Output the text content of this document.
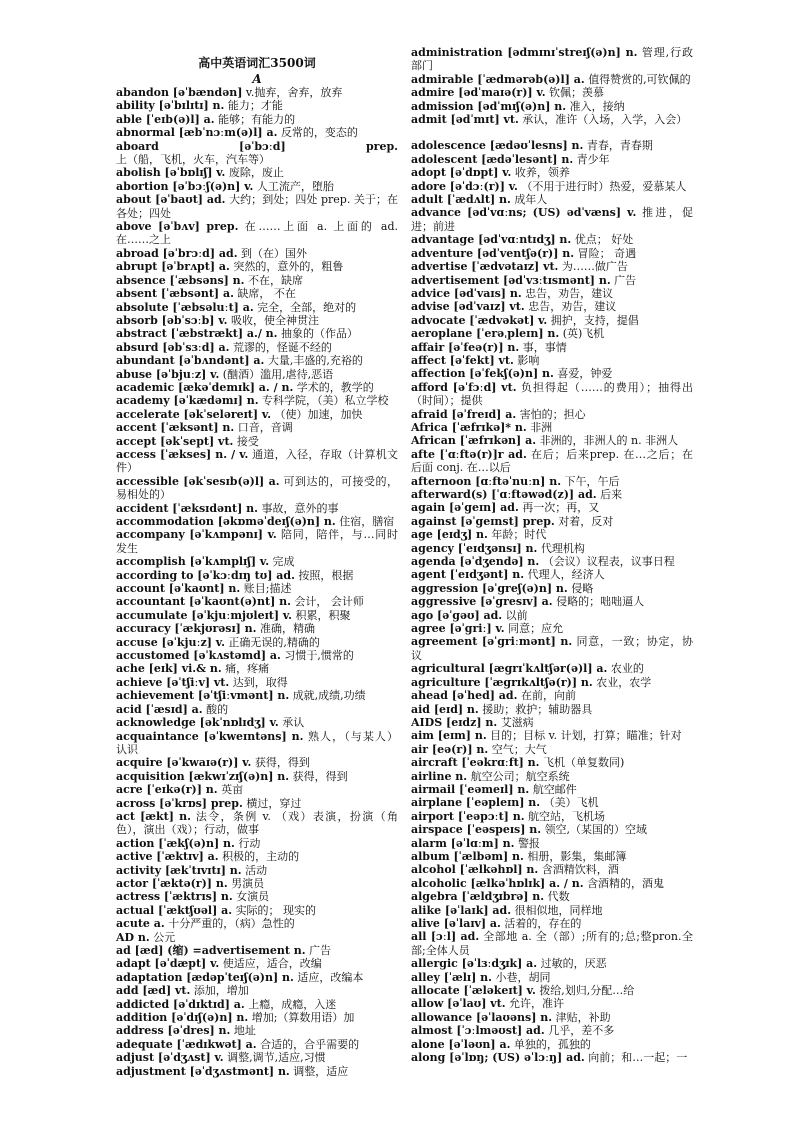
高中英语词汇3500词
A
abandon [əˈbændən] v.抛弃，舍弃，放弃
ability [əˈbɪlɪtɪ] n. 能力；才能
able [ˈeɪb(ə)l] a. 能够；有能力的
abnormal [æbˈnɔːm(ə)l] a. 反常的，变态的
aboard [əˈbɔːd] prep. 上（船，飞机，火车，汽车等）
abolish [əˈbɒlɪʃ] v. 废除，废止
abortion [əˈbɔːʃ(ə)n] v. 人工流产，堕胎
about [əˈbaʊt] ad. 大约；到处；四处 prep. 关于；在各处；四处
above [əˈbʌv] prep. 在……上面 a. 上面的 ad. 在……之上
abroad [əˈbrɔːd] ad. 到（在）国外
abrupt [əˈbrʌpt] a. 突然的，意外的，粗鲁
absence [ˈæbsəns] n. 不在，缺席
absent [ˈæbsənt] a. 缺席， 不在
absolute [ˈæbsəluːt] a. 完全，全部，绝对的
absorb [əbˈsɔːb] v. 吸收，使全神贯注
abstract [ˈæbstrækt] a./ n. 抽象的（作品）
absurd [əbˈsɜːd] a. 荒谬的，怪诞不经的
abundant [əˈbʌndənt] a. 大量,丰盛的,充裕的
abuse [əˈbjuːz] v. (酗酒）滥用,虐待,恶语
academic [ækəˈdemɪk] a. / n. 学术的，教学的
academy [əˈkædəmɪ] n. 专科学院，（美）私立学校
accelerate [əkˈseləreɪt] v. （使）加速，加快
accent [ˈæksənt] n. 口音，音调
accept [əkˈsept] vt. 接受
access [ˈækses] n. / v. 通道，入径，存取（计算机文件）
accessible [əkˈsesɪb(ə)l] a. 可到达的，可接受的，易相处的）
accident [ˈæksɪdənt] n. 事故，意外的事
accommodation [əkɒməˈdeɪʃ(ə)n] n. 住宿，膳宿
accompany [əˈkʌmpənɪ] v. 陪同，陪伴，与…同时发生
accomplish [əˈkʌmplɪʃ] v. 完成
according to [əˈkɔːdɪŋ tʊ] ad. 按照，根据
account [əˈkaʊnt] n. 账目;描述
accountant [əˈkaʊnt(ə)nt] n. 会计， 会计师
accumulate [əˈkjuːmjʊleɪt] v. 积累，积聚
accuracy [ˈækjʊrəsɪ] n. 准确，精确
accuse [əˈkjuːz] v. 正确无误的,精确的
accustomed [əˈkʌstəmd] a. 习惯于,惯常的
ache [eɪk] vi.& n. 痛，疼痛
achieve [əˈtʃiːv] vt. 达到，取得
achievement [əˈtʃiːvmənt] n. 成就,成绩,功绩
acid [ˈæsɪd] a. 酸的
acknowledge [əkˈnɒlɪdʒ] v. 承认
acquaintance [əˈkweɪntəns] n. 熟人，（与某人）认识
acquire [əˈkwaɪə(r)] v. 获得，得到
acquisition [ækwɪˈzɪʃ(ə)n] n. 获得，得到
acre [ˈeɪkə(r)] n. 英亩
across [əˈkrɒs] prep. 横过，穿过
act [ækt] n. 法令，条例 v. （戏）表演，扮演（角色），演出（戏）；行动，做事
action [ˈækʃ(ə)n] n. 行动
active [ˈæktɪv] a. 积极的，主动的
activity [ækˈtɪvɪtɪ] n. 活动
actor [ˈæktə(r)] n. 男演员
actress [ˈæktrɪs] n. 女演员
actual [ˈæktʃʊəl] a. 实际的； 现实的
acute a. 十分严重的，（病）急性的
AD n. 公元
ad [æd] (缩) =advertisement n. 广告
adapt [əˈdæpt] v. 使适应，适合，改编
adaptation [ædəpˈteɪʃ(ə)n] n. 适应，改编本
add [æd] vt. 添加，增加
addicted [əˈdɪktɪd] a. 上瘾，成瘾，入迷
addition [əˈdɪʃ(ə)n] n. 增加;（算数用语）加
address [əˈdres] n. 地址
adequate [ˈædɪkwət] a. 合适的，合乎需要的
adjust [əˈdʒʌst] v. 调整,调节,适应,习惯
adjustment [əˈdʒʌstmənt] n. 调整，适应
administration [ədmɪnɪˈstreɪʃ(ə)n] n. 管理,行政部门
admirable [ˈædmərəb(ə)l] a. 值得赞赏的,可钦佩的
admire [ədˈmaɪə(r)] v. 钦佩；羡慕
admission [ədˈmɪʃ(ə)n] n. 准入，接纳
admit [ədˈmɪt] vt. 承认，准许（入场，入学，入会）
adolescence [ædəʊˈlesns] n. 青春，青春期
adolescent [ædəˈlesənt] n. 青少年
adopt [əˈdɒpt] v. 收养，领养
adore [əˈdɔː(r)] v. （不用于进行时）热爱，爱慕某人
adult [ˈædʌlt] n. 成年人
advance [ədˈvɑːns; (US) ədˈvæns] v. 推进，促进；前进
advantage [ədˈvɑːntɪdʒ] n. 优点； 好处
adventure [ədˈventʃə(r)] n. 冒险； 奇遇
advertise [ˈædvətaɪz] vt. 为……做广告
advertisement [ədˈvɜːtɪsmənt] n. 广告
advice [ədˈvaɪs] n. 忠告，劝告，建议
advise [ədˈvaɪz] vt. 忠告，劝告，建议
advocate [ˈædvəkət] v. 拥护，支持，提倡
aeroplane [ˈerəˌpleɪn] n. (英)飞机
affair [əˈfeə(r)] n. 事，事情
affect [əˈfekt] vt. 影响
affection [əˈfekʃ(ə)n] n. 喜爱，钟爱
afford [əˈfɔːd] vt. 负担得起（……的费用）；抽得出（时间）；提供
afraid [əˈfreɪd] a. 害怕的；担心
Africa [ˈæfrɪkə]* n. 非洲
African [ˈæfrɪkən] a. 非洲的，非洲人的 n. 非洲人
afte [ˈɑːftə(r)]r ad. 在后；后来prep. 在…之后；在 后面 conj. 在…以后
afternoon [ɑːftəˈnuːn] n. 下午，午后
afterward(s) [ˈɑːftəwəd(z)] ad. 后来
again [əˈgeɪn] ad. 再一次；再，又
against [əˈgeɪnst] prep. 对着，反对
age [eɪdʒ] n. 年龄；时代
agency [ˈeɪdʒənsɪ] n. 代理机构
agenda [əˈdʒendə] n. （会议）议程表，议事日程
agent [ˈeɪdʒənt] n. 代理人，经济人
aggression [əˈgreʃ(ə)n] n. 侵略
aggressive [əˈgresɪv] a. 侵略的；咄咄逼人
ago [əˈgəʊ] ad. 以前
agree [əˈgriː] v. 同意；应允
agreement [əˈgriːmənt] n. 同意，一致；协定，协议
agricultural [ægrɪˈkʌltʃər(ə)l] a. 农业的
agriculture [ˈægrɪkʌltʃə(r)] n. 农业，农学
ahead [əˈhed] ad. 在前，向前
aid [eɪd] n. 援助；救护；辅助器具
AIDS [eɪdz] n. 艾滋病
aim [eɪm] n. 目的；目标 v. 计划，打算；瞄准；针对
air [eə(r)] n. 空气；大气
aircraft [ˈeəkrɑːft] n. 飞机（单复数同)
airline n. 航空公司；航空系统
airmail [ˈeəmeɪl] n. 航空邮件
airplane [ˈeəpleɪn] n. （美）飞机
airport [ˈeəpɔːt] n. 航空站，飞机场
airspace [ˈeəspeɪs] n. 领空,（某国的）空域
alarm [əˈlɑːm] n. 警报
album [ˈælbəm] n. 相册，影集，集邮簿
alcohol [ˈælkəhɒl] n. 含酒精饮料，酒
alcoholic [ælkəˈhɒlɪk] a. / n. 含酒精的，酒鬼
algebra [ˈældʒɪbrə] n. 代数
alike [əˈlaɪk] ad. 很相似地，同样地
alive [əˈlaɪv] a. 活着的，存在的
all [ɔːl] ad. 全部地 a. 全（部）;所有的;总;整pron.全部;全体人员
allergic [əˈlɜːdʒɪk] a. 过敏的，厌恶
alley [ˈælɪ] n. 小巷，胡同
allocate [ˈæləkeɪt] v. 拨给,划归,分配…给
allow [əˈlaʊ] vt. 允许，准许
allowance [əˈlaʊəns] n. 津贴，补助
almost [ˈɔːlməʊst] ad. 几乎，差不多
alone [əˈləʊn] a. 单独的，孤独的
along [əˈlɒŋ; (US) əˈlɔːŋ] ad. 向前；和…一起；一
